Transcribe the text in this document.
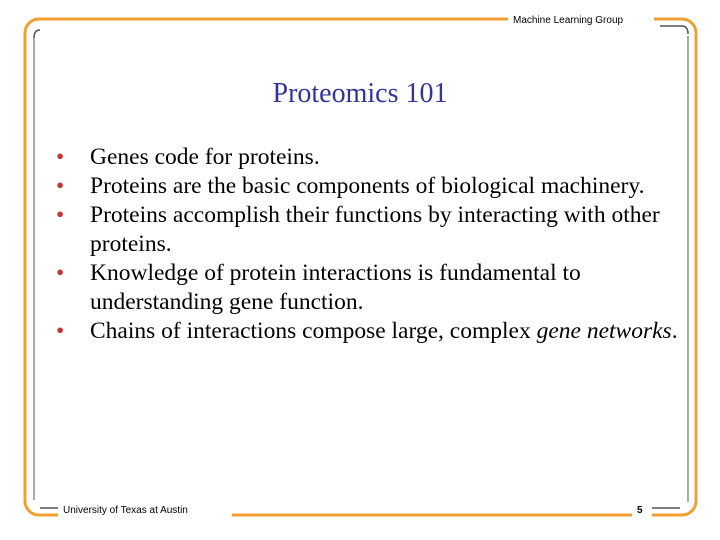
Machine Learning Group
Proteomics 101
• Genes code for proteins.
• Proteins are the basic components of biological machinery.
• Proteins accomplish their functions by interacting with other proteins.
• Knowledge of protein interactions is fundamental to understanding gene function.
• Chains of interactions compose large, complex gene networks.
University of Texas at Austin	5
